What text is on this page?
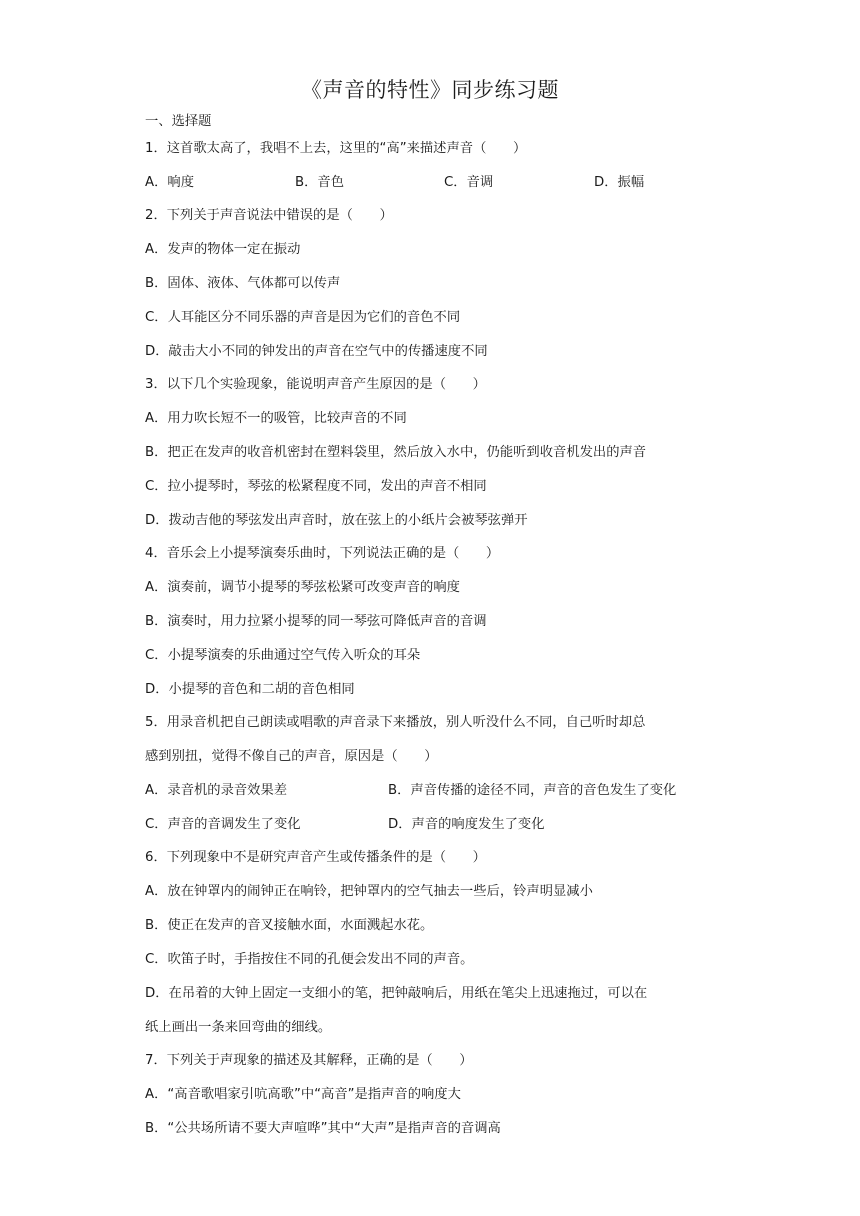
《声音的特性》同步练习题
一、选择题
1．这首歌太高了，我唱不上去，这里的“高”来描述声音（　　）
A．响度	B．音色	C．音调	D．振幅
2．下列关于声音说法中错误的是（　　）
A．发声的物体一定在振动
B．固体、液体、气体都可以传声
C．人耳能区分不同乐器的声音是因为它们的音色不同
D．敲击大小不同的钟发出的声音在空气中的传播速度不同
3．以下几个实验现象，能说明声音产生原因的是（　　）
A．用力吹长短不一的吸管，比较声音的不同
B．把正在发声的收音机密封在塑料袋里，然后放入水中，仍能听到收音机发出的声音
C．拉小提琴时，琴弦的松紧程度不同，发出的声音不相同
D．拨动吉他的琴弦发出声音时，放在弦上的小纸片会被琴弦弹开
4．音乐会上小提琴演奏乐曲时，下列说法正确的是（　　）
A．演奏前，调节小提琴的琴弦松紧可改变声音的响度
B．演奏时，用力拉紧小提琴的同一琴弦可降低声音的音调
C．小提琴演奏的乐曲通过空气传入听众的耳朵
D．小提琴的音色和二胡的音色相同
5．用录音机把自己朗读或唱歌的声音录下来播放，别人听没什么不同，自己听时却总
感到别扭，觉得不像自己的声音，原因是（　　）
A．录音机的录音效果差	B．声音传播的途径不同，声音的音色发生了变化
C．声音的音调发生了变化	D．声音的响度发生了变化
6．下列现象中不是研究声音产生或传播条件的是（　　）
A．放在钟罩内的闹钟正在响铃，把钟罩内的空气抽去一些后，铃声明显减小
B．使正在发声的音叉接触水面，水面溅起水花。
C．吹笛子时，手指按住不同的孔便会发出不同的声音。
D．在吊着的大钟上固定一支细小的笔，把钟敲响后，用纸在笔尖上迅速拖过，可以在
纸上画出一条来回弯曲的细线。
7．下列关于声现象的描述及其解释，正确的是（　　）
A．“高音歌唱家引吭高歌”中“高音”是指声音的响度大
B．“公共场所请不要大声喧哗”其中“大声”是指声音的音调高
